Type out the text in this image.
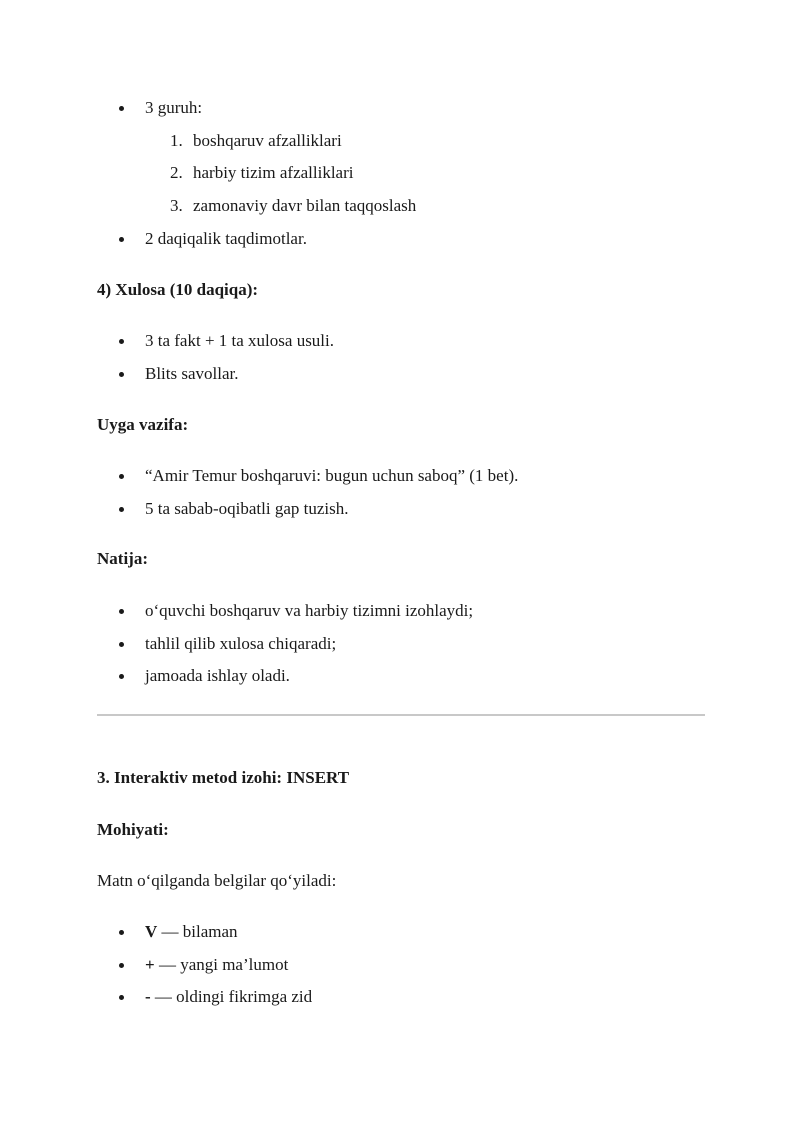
3 guruh:
1. boshqaruv afzalliklari
2. harbiy tizim afzalliklari
3. zamonaviy davr bilan taqqoslash
2 daqiqalik taqdimotlar.
4) Xulosa (10 daqiqa):
3 ta fakt + 1 ta xulosa usuli.
Blits savollar.
Uyga vazifa:
“Amir Temur boshqaruvi: bugun uchun saboq” (1 bet).
5 ta sabab-oqibatli gap tuzish.
Natija:
o‘quvchi boshqaruv va harbiy tizimni izohlaydi;
tahlil qilib xulosa chiqaradi;
jamoada ishlay oladi.
3. Interaktiv metod izohi: INSERT
Mohiyati:
Matn o‘qilganda belgilar qo‘yiladi:
V — bilaman
+ — yangi ma’lumot
- — oldingi fikrimga zid
